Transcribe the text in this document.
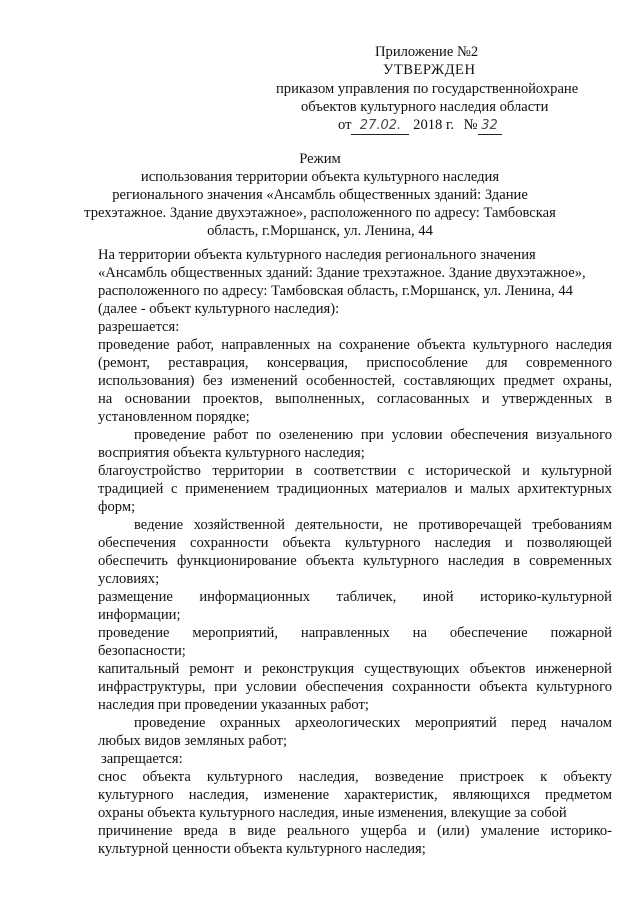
Приложение №2
УТВЕРЖДЕН
приказом управления по государственнойохране
объектов культурного наследия области
от 27.02. 2018 г. № 32
Режим
использования территории объекта культурного наследия
регионального значения «Ансамбль общественных зданий: Здание
трехэтажное. Здание двухэтажное», расположенного по адресу: Тамбовская
область, г.Моршанск, ул. Ленина, 44
На территории объекта культурного наследия регионального значения
«Ансамбль общественных зданий: Здание трехэтажное. Здание двухэтажное»,
расположенного по адресу: Тамбовская область, г.Моршанск, ул. Ленина, 44
(далее - объект культурного наследия):
разрешается:
проведение работ, направленных на сохранение объекта культурного наследия
(ремонт, реставрация, консервация, приспособление для современного
использования) без изменений особенностей, составляющих предмет охраны,
на основании проектов, выполненных, согласованных и утвержденных в
установленном порядке;
проведение работ по озеленению при условии обеспечения визуального
восприятия объекта культурного наследия;
благоустройство территории в соответствии с исторической и культурной
традицией с применением традиционных материалов и малых архитектурных
форм;
ведение хозяйственной деятельности, не противоречащей требованиям
обеспечения сохранности объекта культурного наследия и позволяющей
обеспечить функционирование объекта культурного наследия в современных
условиях;
размещение информационных табличек, иной историко-культурной
информации;
проведение мероприятий, направленных на обеспечение пожарной
безопасности;
капитальный ремонт и реконструкция существующих объектов инженерной
инфраструктуры, при условии обеспечения сохранности объекта культурного
наследия при проведении указанных работ;
проведение охранных археологических мероприятий перед началом
любых видов земляных работ;
запрещается:
снос объекта культурного наследия, возведение пристроек к объекту
культурного наследия, изменение характеристик, являющихся предметом
охраны объекта культурного наследия, иные изменения, влекущие за собой
причинение вреда в виде реального ущерба и (или) умаление историко-
культурной ценности объекта культурного наследия;
